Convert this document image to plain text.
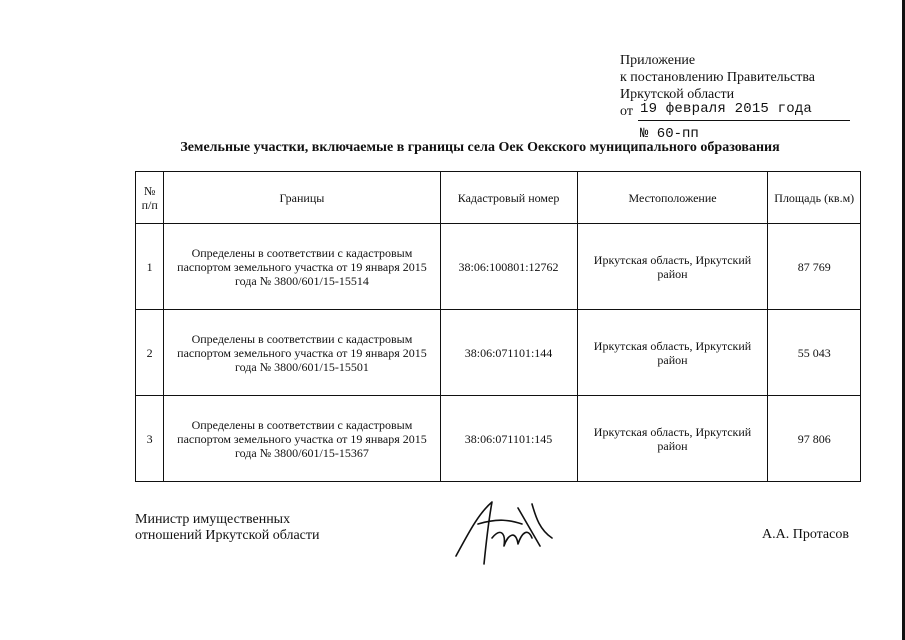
Приложение
к постановлению Правительства
Иркутской области
от 19 февраля 2015 года
№ 60-пп
Земельные участки, включаемые в границы села Оек Оекского муниципального образования
№ п/п	Границы	Кадастровый номер	Местоположение	Площадь (кв.м)
1	Определены в соответствии с кадастровым паспортом земельного участка от 19 января 2015 года № 3800/601/15-15514	38:06:100801:12762	Иркутская область, Иркутский район	87 769
2	Определены в соответствии с кадастровым паспортом земельного участка от 19 января 2015 года № 3800/601/15-15501	38:06:071101:144	Иркутская область, Иркутский район	55 043
3	Определены в соответствии с кадастровым паспортом земельного участка от 19 января 2015 года № 3800/601/15-15367	38:06:071101:145	Иркутская область, Иркутский район	97 806
Министр имущественных
отношений Иркутской области	А.А. Протасов
